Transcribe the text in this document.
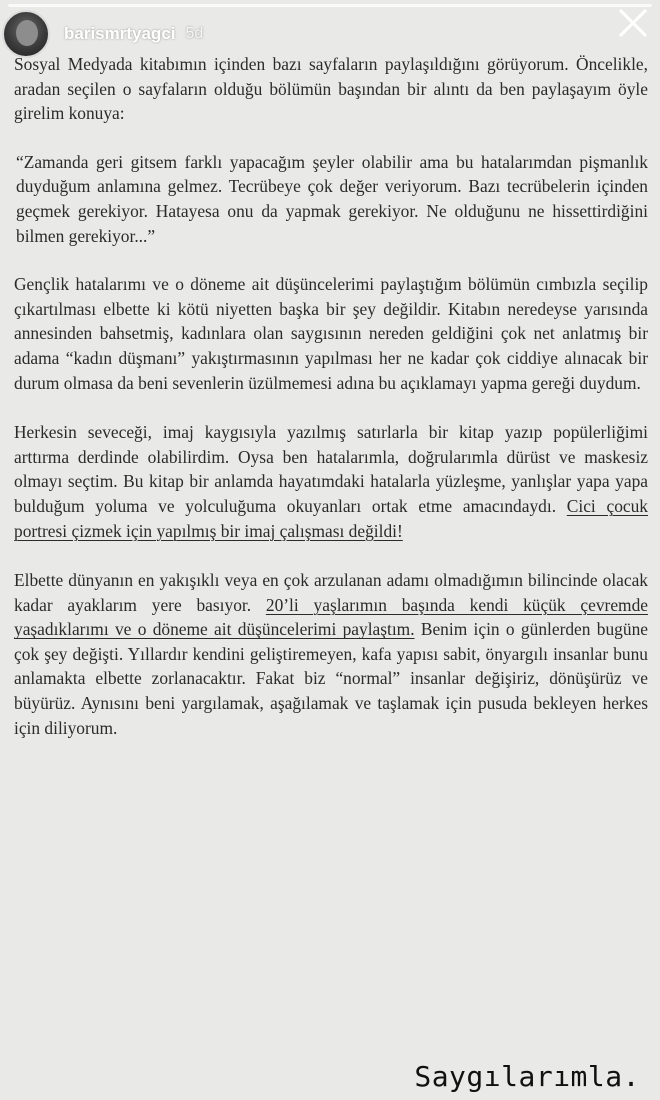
barismrtyagci 5d

Sosyal Medyada kitabımın içinden bazı sayfaların paylaşıldığını görüyorum. Öncelikle, aradan seçilen o sayfaların olduğu bölümün başından bir alıntı da ben paylaşayım öyle girelim konuya:

“Zamanda geri gitsem farklı yapacağım şeyler olabilir ama bu hatalarımdan pişmanlık duyduğum anlamına gelmez. Tecrübeye çok değer veriyorum. Bazı tecrübelerin içinden geçmek gerekiyor. Hatayesa onu da yapmak gerekiyor. Ne olduğunu ne hissettirdiğini bilmen gerekiyor...”

Gençlik hatalarımı ve o döneme ait düşüncelerimi paylaştığım bölümün cımbızla seçilip çıkartılması elbette ki kötü niyetten başka bir şey değildir. Kitabın neredeyse yarısında annesinden bahsetmiş, kadınlara olan saygısının nereden geldiğini çok net anlatmış bir adama “kadın düşmanı” yakıştırmasının yapılması her ne kadar çok ciddiye alınacak bir durum olmasa da beni sevenlerin üzülmemesi adına bu açıklamayı yapma gereği duydum.

Herkesin seveceği, imaj kaygısıyla yazılmış satırlarla bir kitap yazıp popülerliğimi arttırma derdinde olabilirdim. Oysa ben hatalarımla, doğrularımla dürüst ve maskesiz olmayı seçtim. Bu kitap bir anlamda hayatımdaki hatalarla yüzleşme, yanlışlar yapa yapa bulduğum yoluma ve yolculuğuma okuyanları ortak etme amacındaydı. Cici çocuk portresi çizmek için yapılmış bir imaj çalışması değildi!

Elbette dünyanın en yakışıklı veya en çok arzulanan adamı olmadığımın bilincinde olacak kadar ayaklarım yere basıyor. 20’li yaşlarımın başında kendi küçük çevremde yaşadıklarımı ve o döneme ait düşüncelerimi paylaştım. Benim için o günlerden bugüne çok şey değişti. Yıllardır kendini geliştiremeyen, kafa yapısı sabit, önyargılı insanlar bunu anlamakta elbette zorlanacaktır. Fakat biz “normal” insanlar değişiriz, dönüşürüz ve büyürüz. Aynısını beni yargılamak, aşağılamak ve taşlamak için pusuda bekleyen herkes için diliyorum.

Saygılarımla.
